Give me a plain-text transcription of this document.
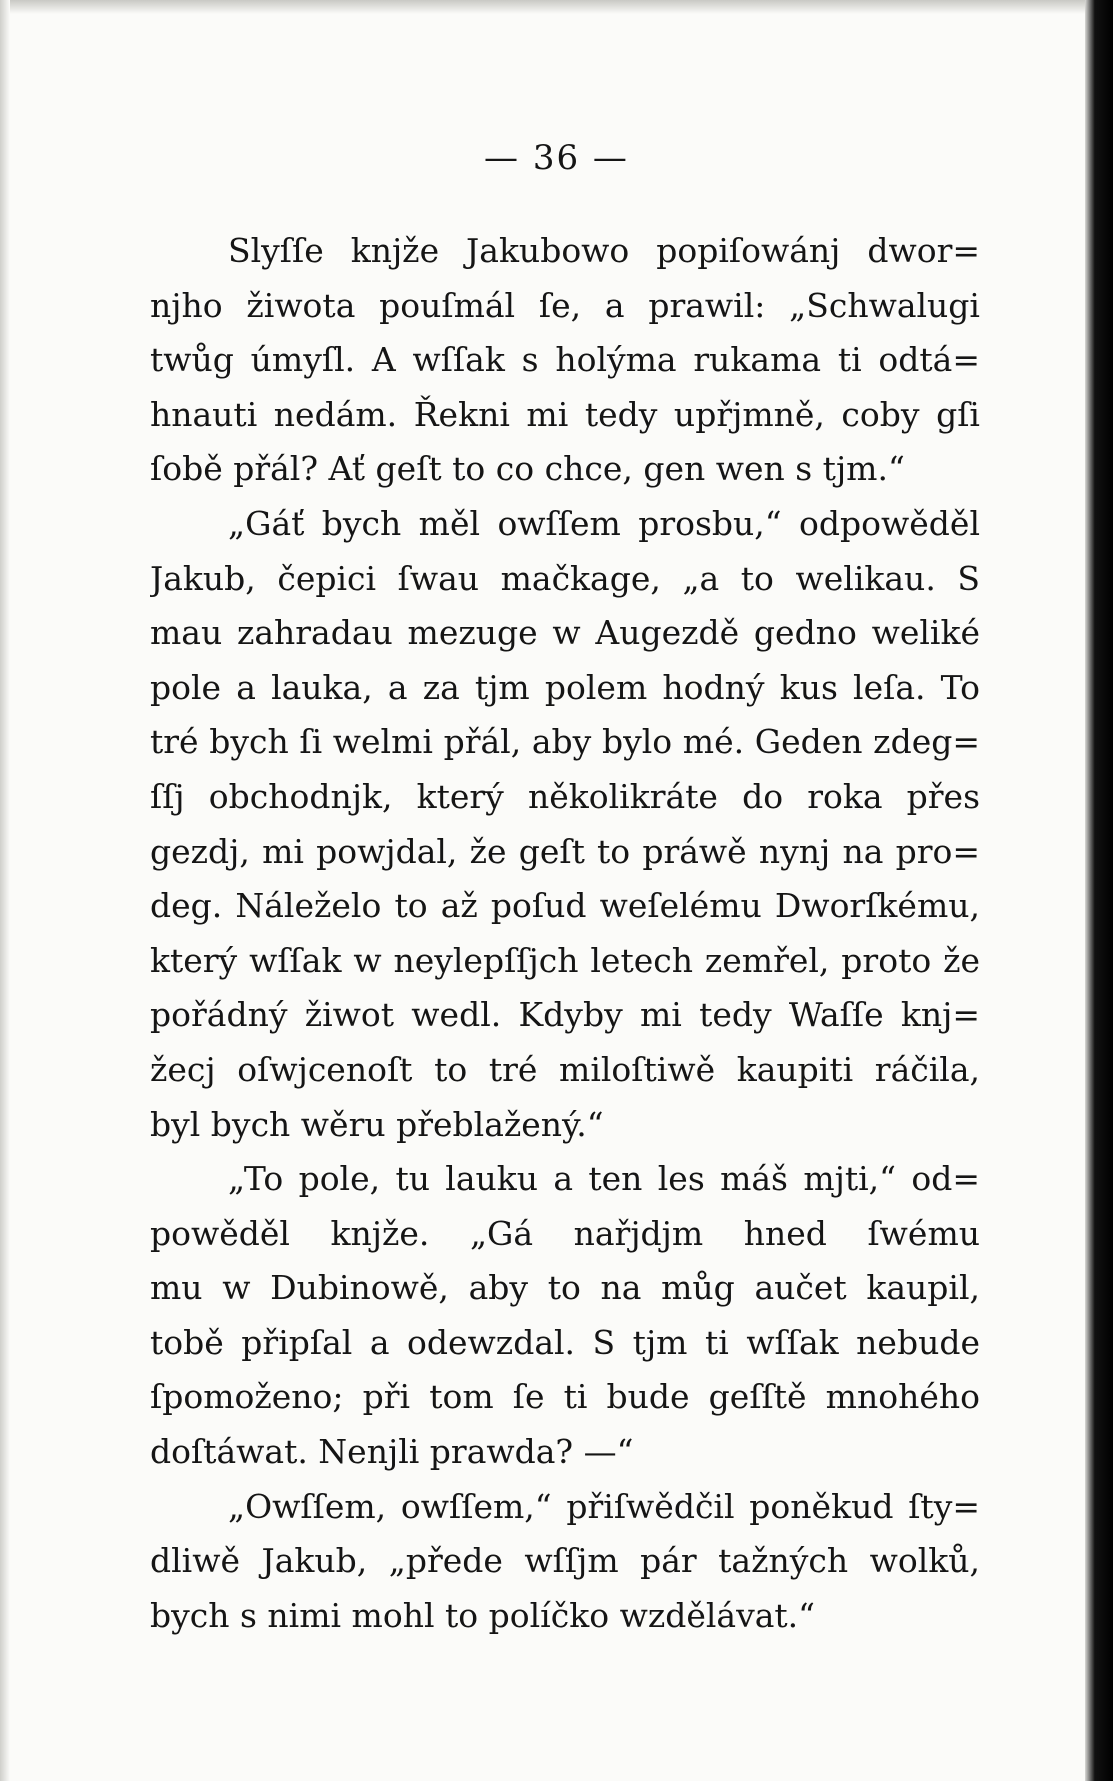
— 36 —
Slyſſe knjže Jakubowo popiſowánj dwor=
njho žiwota pouſmál ſe, a prawil: „Schwalugi
twůg úmyſl. A wſſak s holýma rukama ti odtá=
hnauti nedám. Řekni mi tedy upřjmně, coby gſi
ſobě přál? Ať geſt to co chce, gen wen s tjm.“
„Gáť bych měl owſſem prosbu,“ odpowěděl
Jakub, čepici ſwau mačkage, „a to welikau. S
mau zahradau mezuge w Augezdě gedno weliké
pole a lauka, a za tjm polem hodný kus leſa. To
tré bych ſi welmi přál, aby bylo mé. Geden zdeg=
ſſj obchodnjk, který několikráte do roka přes
gezdj, mi powjdal, že geſt to práwě nynj na pro=
deg. Náleželo to až poſud weſelému Dworſkému,
který wſſak w neylepſſjch letech zemřel, proto že
pořádný žiwot wedl. Kdyby mi tedy Waſſe knj=
žecj oſwjcenoſt to tré miloſtiwě kaupiti ráčila,
byl bych wěru přeblažený.“
„To pole, tu lauku a ten les máš mjti,“ od=
powěděl knjže. „Gá nařjdjm hned ſwému
mu w Dubinowě, aby to na můg aučet kaupil,
tobě připſal a odewzdal. S tjm ti wſſak nebude
ſpomoženo; při tom ſe ti bude geſſtě mnohého
doſtáwat. Nenjli prawda? —“
„Owſſem, owſſem,“ přiſwědčil poněkud ſty=
dliwě Jakub, „přede wſſjm pár tažných wolků,
bych s nimi mohl to políčko wzdělávat.“
